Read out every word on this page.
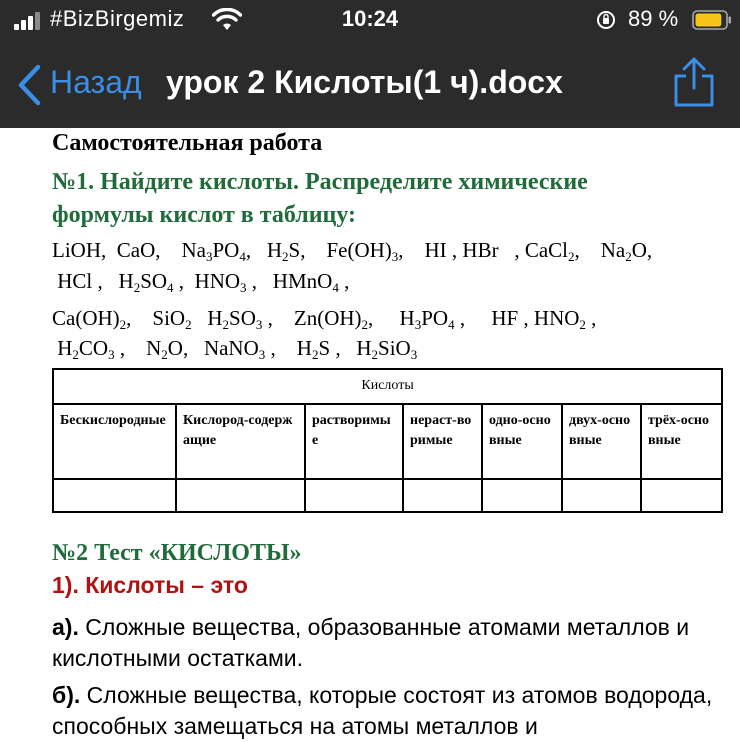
#BizBirgemiz	10:24	89 %
Назад урок 2 Кислоты(1 ч).docx
Самостоятельная работа
№1. Найдите кислоты. Распределите химические
формулы кислот в таблицу:
LiOH,  CaO,    $Na_3PO_4$,   $H_2S$,    $Fe(OH)_3$,    HI , HBr   , CaCl$_2$,    $Na_2O$,
HCl ,   $H_2SO_4$ ,  $HNO_3$ ,   HMnO$_4$ ,
$Ca(OH)_2$,    SiO$_2$   $H_2SO_3$ ,    $Zn(OH)_2$,     $H_3PO_4$ ,     HF , $HNO_2$ ,
$H_2CO_3$ ,    $N_2O$,   NaNO$_3$ ,    $H_2S$ ,   $H_2SiO_3$
Кислоты						
Бескислородные	Кислород-содержащие	растворимые	нераст-воримые	одно-основные	двух-основные	трёх-основные

№2 Тест «КИСЛОТЫ»
1). Кислоты – это
а). Сложные вещества, образованные атомами металлов и кислотными остатками.
б). Сложные вещества, которые состоят из атомов водорода, способных замещаться на атомы металлов и
